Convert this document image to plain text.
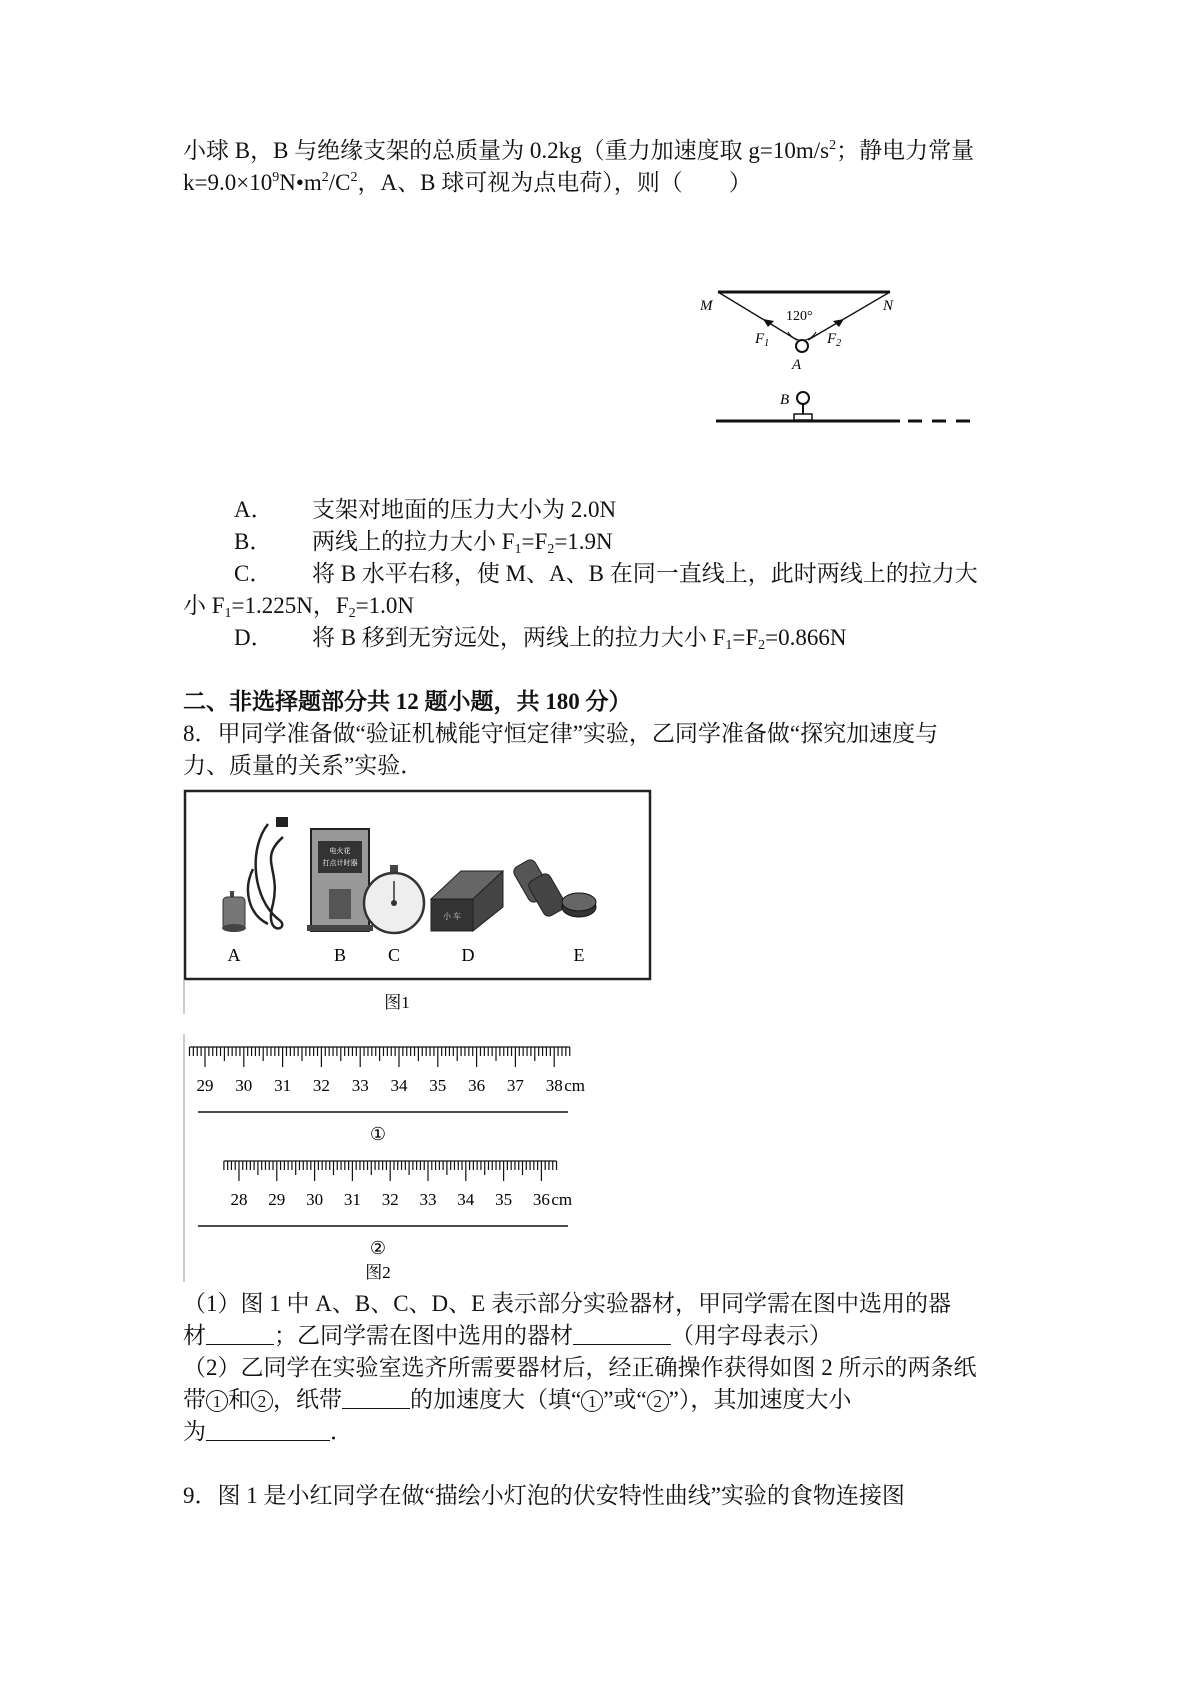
小球 B，B 与绝缘支架的总质量为 0.2kg（重力加速度取 $g=10m/s^2$；静电力常量
$k=9.0\times 10^9N•m^2/C^2$，A、B 球可视为点电荷），则（　　）
M	N
120°
$F_1$	$F_2$
A
B
A． 支架对地面的压力大小为 2.0N
B． 两线上的拉力大小 $F_1=F_2=1.9N$
C． 将 B 水平右移，使 M、A、B 在同一直线上，此时两线上的拉力大
小 $F_1=1.225N$，$F_2=1.0N$
D． 将 B 移到无穷远处，两线上的拉力大小 $F_1=F_2=0.866N$
二、非选择题部分共 12 题小题，共 180 分）
8．甲同学准备做“验证机械能守恒定律”实验，乙同学准备做“探究加速度与
力、质量的关系”实验．
电火花
打点计时器
小 车
A	B C	D	E
图1
29 30 31 32 33 34 35 36 37 38 cm
①
28 29 30 31 32 33 34 35 36 cm
②
图2
（1）图 1 中 A、B、C、D、E 表示部分实验器材，甲同学需在图中选用的器
材	；乙同学需在图中选用的器材	（用字母表示）
（2）乙同学在实验室选齐所需要器材后，经正确操作获得如图 2 所示的两条纸
带 1 和 2 ，纸带	的加速度大（填“ 1 ”或“ 2 ”），其加速度大小
为	．
9．图 1 是小红同学在做“描绘小灯泡的伏安特性曲线”实验的食物连接图
